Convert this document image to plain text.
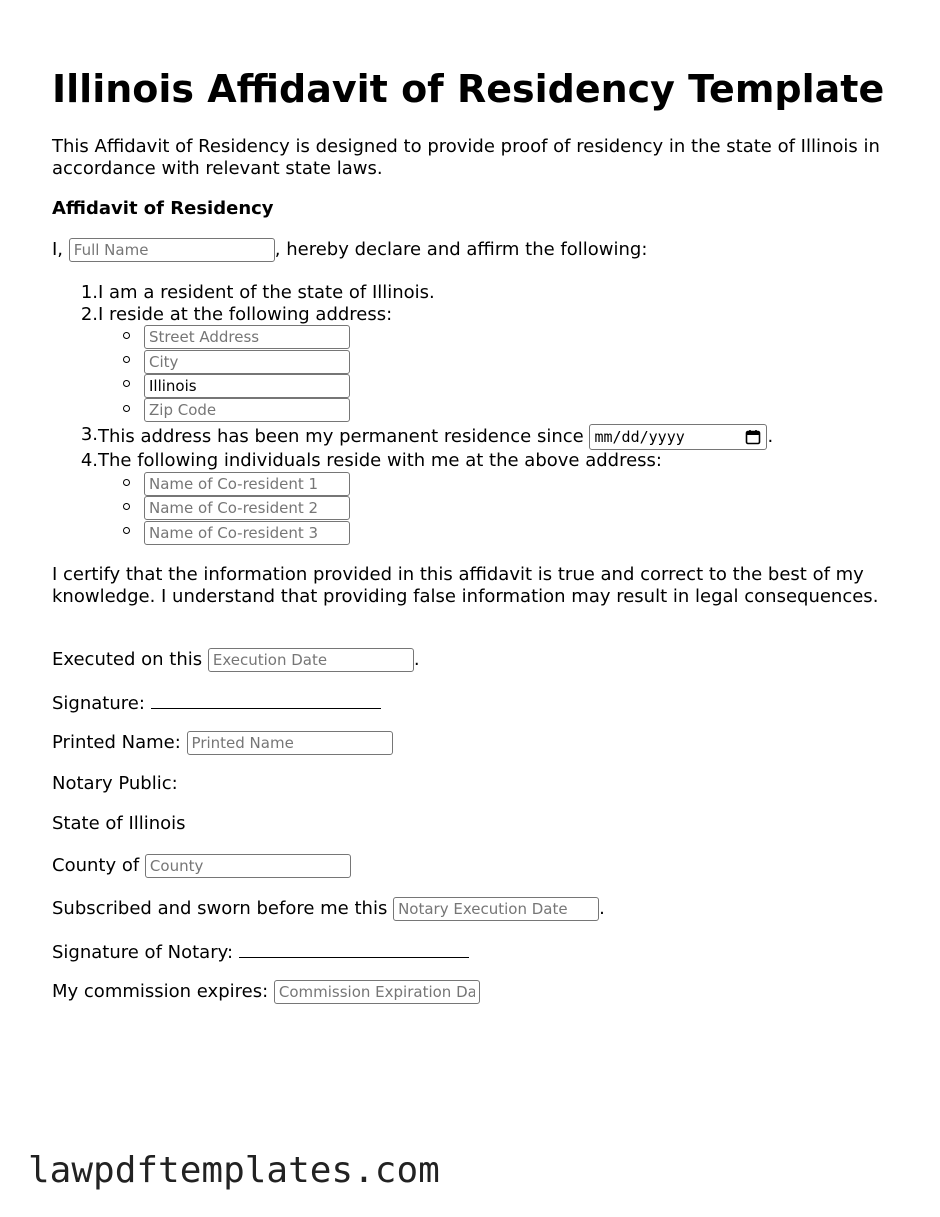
Illinois Affidavit of Residency Template

This Affidavit of Residency is designed to provide proof of residency in the state of Illinois in accordance with relevant state laws.

Affidavit of Residency

I, Full Name	, hereby declare and affirm the following:

1. I am a resident of the state of Illinois.
2. I reside at the following address:
Street Address
City
Illinois
Zip Code
3. This address has been my permanent residence since mm/dd/yyyy	.
4. The following individuals reside with me at the above address:
Name of Co-resident 1
Name of Co-resident 2
Name of Co-resident 3

I certify that the information provided in this affidavit is true and correct to the best of my knowledge. I understand that providing false information may result in legal consequences.

Executed on this Execution Date	.

Signature:

Printed Name: Printed Name

Notary Public:

State of Illinois

County of County

Subscribed and sworn before me this Notary Execution Date	.

Signature of Notary:

My commission expires: Commission Expiration Date

lawpdftemplates.com
